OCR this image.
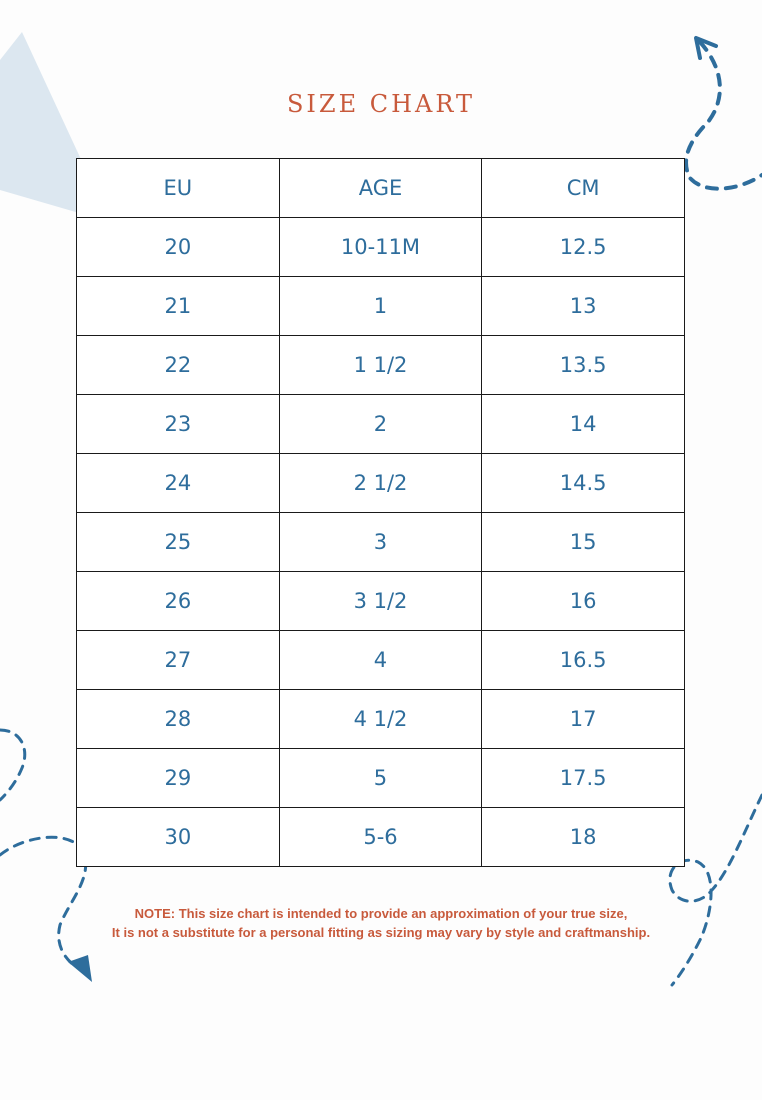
SIZE CHART
EU	AGE	CM
20	10-11M	12.5
21	1	13
22	1 1/2	13.5
23	2	14
24	2 1/2	14.5
25	3	15
26	3 1/2	16
27	4	16.5
28	4 1/2	17
29	5	17.5
30	5-6	18
NOTE: This size chart is intended to provide an approximation of your true size,
It is not a substitute for a personal fitting as sizing may vary by style and craftmanship.
